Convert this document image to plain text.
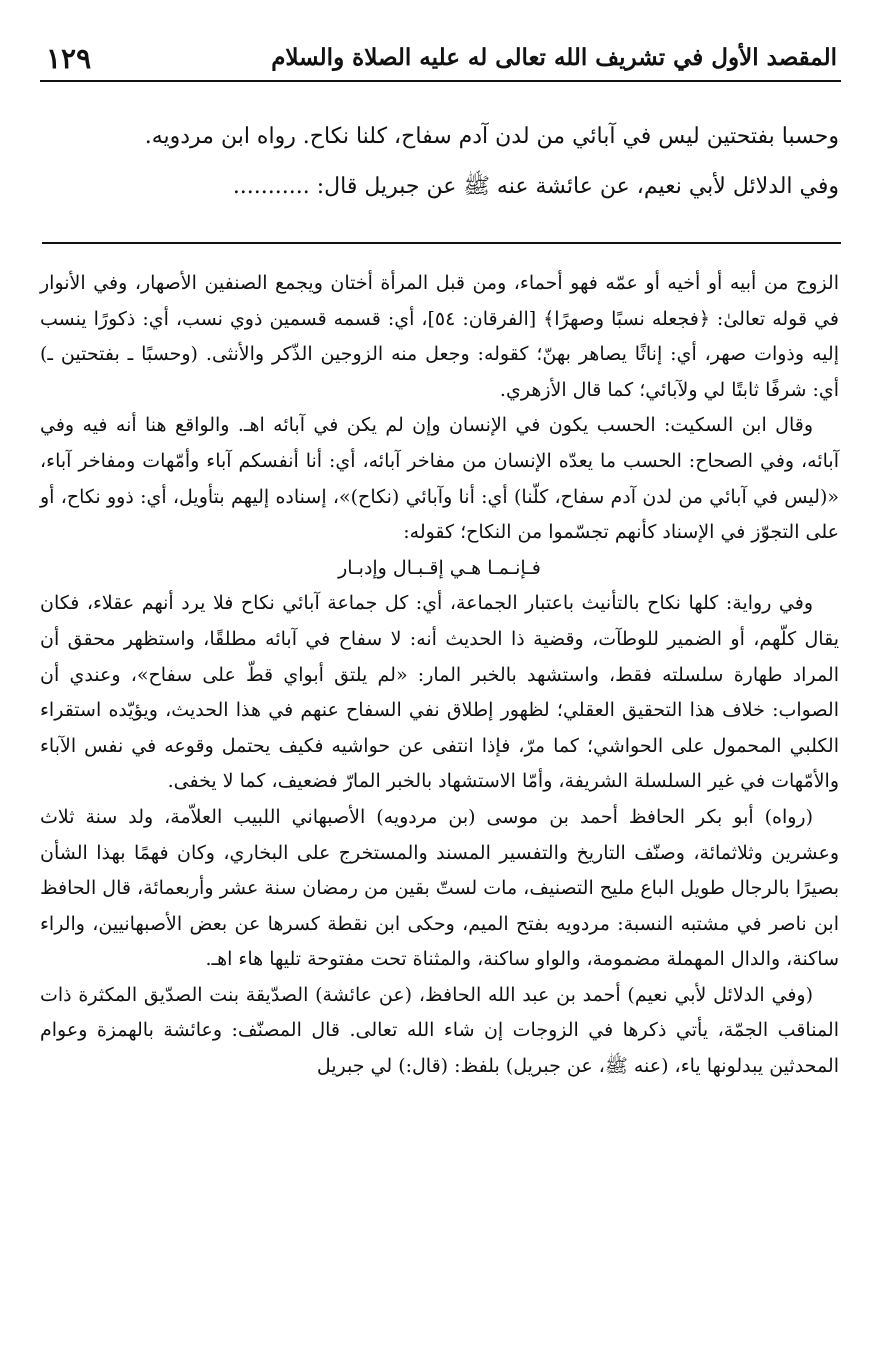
١٢٩	المقصد الأول في تشريف الله تعالى له عليه الصلاة والسلام

وحسبا بفتحتين ليس في آبائي من لدن آدم سفاح، كلنا نكاح. رواه ابن مردويه.

وفي الدلائل لأبي نعيم، عن عائشة عنه ﷺ عن جبريل قال: ...........

الزوج من أبيه أو أخيه أو عمّه فهو أحماء، ومن قبل المرأة أختان ويجمع الصنفين الأصهار، وفي الأنوار في قوله تعالىٰ: ﴿فجعله نسبًا وصهرًا﴾ [الفرقان: ٥٤]، أي: قسمه قسمين ذوي نسب، أي: ذكورًا ينسب إليه وذوات صهر، أي: إناثًا يصاهر بهنّ؛ كقوله: وجعل منه الزوجين الذّكر والأنثى. (وحسبًا ـ بفتحتين ـ) أي: شرفًا ثابتًا لي ولآبائي؛ كما قال الأزهري.

وقال ابن السكيت: الحسب يكون في الإنسان وإن لم يكن في آبائه اهـ. والواقع هنا أنه فيه وفي آبائه، وفي الصحاح: الحسب ما يعدّه الإنسان من مفاخر آبائه، أي: أنا أنفسكم آباء وأمّهات ومفاخر آباء، «(ليس في آبائي من لدن آدم سفاح، كلّنا) أي: أنا وآبائي (نكاح)»، إسناده إليهم بتأويل، أي: ذوو نكاح، أو على التجوّز في الإسناد كأنهم تجسّموا من النكاح؛ كقوله:

فـإنـمـا هـي إقـبـال وإدبـار

وفي رواية: كلها نكاح بالتأنيث باعتبار الجماعة، أي: كل جماعة آبائي نكاح فلا يرد أنهم عقلاء، فكان يقال كلّهم، أو الضمير للوطآت، وقضية ذا الحديث أنه: لا سفاح في آبائه مطلقًا، واستظهر محقق أن المراد طهارة سلسلته فقط، واستشهد بالخبر المار: «لم يلتق أبواي قطّ على سفاح»، وعندي أن الصواب: خلاف هذا التحقيق العقلي؛ لظهور إطلاق نفي السفاح عنهم في هذا الحديث، ويؤيّده استقراء الكلبي المحمول على الحواشي؛ كما مرّ، فإذا انتفى عن حواشيه فكيف يحتمل وقوعه في نفس الآباء والأمّهات في غير السلسلة الشريفة، وأمّا الاستشهاد بالخبر المارّ فضعيف، كما لا يخفى.

(رواه) أبو بكر الحافظ أحمد بن موسى (بن مردويه) الأصبهاني اللبيب العلاّمة، ولد سنة ثلاث وعشرين وثلاثمائة، وصنّف التاريخ والتفسير المسند والمستخرج على البخاري، وكان فهمًا بهذا الشأن بصيرًا بالرجال طويل الباع مليح التصنيف، مات لستّ بقين من رمضان سنة عشر وأربعمائة، قال الحافظ ابن ناصر في مشتبه النسبة: مردويه بفتح الميم، وحكى ابن نقطة كسرها عن بعض الأصبهانيين، والراء ساكنة، والدال المهملة مضمومة، والواو ساكنة، والمثناة تحت مفتوحة تليها هاء اهـ.

(وفي الدلائل لأبي نعيم) أحمد بن عبد الله الحافظ، (عن عائشة) الصدّيقة بنت الصدّيق المكثرة ذات المناقب الجمّة، يأتي ذكرها في الزوجات إن شاء الله تعالى. قال المصنّف: وعائشة بالهمزة وعوام المحدثين يبدلونها ياء، (عنه ﷺ، عن جبريل) بلفظ: (قال:) لي جبريل
